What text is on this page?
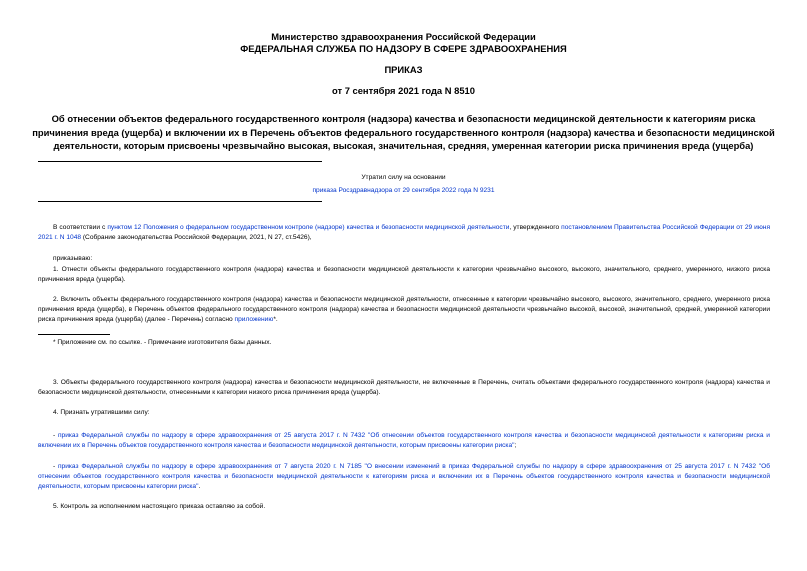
Министерство здравоохранения Российской Федерации
ФЕДЕРАЛЬНАЯ СЛУЖБА ПО НАДЗОРУ В СФЕРЕ ЗДРАВООХРАНЕНИЯ
ПРИКАЗ
от 7 сентября 2021 года N 8510
Об отнесении объектов федерального государственного контроля (надзора) качества и безопасности медицинской деятельности к категориям риска причинения вреда (ущерба) и включении их в Перечень объектов федерального государственного контроля (надзора) качества и безопасности медицинской деятельности, которым присвоены чрезвычайно высокая, высокая, значительная, средняя, умеренная категории риска причинения вреда (ущерба)
Утратил силу на основании
приказа Росздравнадзора от 29 сентября 2022 года N 9231
В соответствии с пунктом 12 Положения о федеральном государственном контроле (надзоре) качества и безопасности медицинской деятельности, утвержденного постановлением Правительства Российской Федерации от 29 июня 2021 г. N 1048 (Собрание законодательства Российской Федерации, 2021, N 27, ст.5426),
приказываю:
1. Отнести объекты федерального государственного контроля (надзора) качества и безопасности медицинской деятельности к категории чрезвычайно высокого, высокого, значительного, среднего, умеренного, низкого риска причинения вреда (ущерба).
2. Включить объекты федерального государственного контроля (надзора) качества и безопасности медицинской деятельности, отнесенные к категории чрезвычайно высокого, высокого, значительного, среднего, умеренного риска причинения вреда (ущерба), в Перечень объектов федерального государственного контроля (надзора) качества и безопасности медицинской деятельности чрезвычайно высокой, высокой, значительной, средней, умеренной категории риска причинения вреда (ущерба) (далее - Перечень) согласно приложению*.
* Приложение см. по ссылке. - Примечание изготовителя базы данных.
3. Объекты федерального государственного контроля (надзора) качества и безопасности медицинской деятельности, не включенные в Перечень, считать объектами федерального государственного контроля (надзора) качества и безопасности медицинской деятельности, отнесенными к категории низкого риска причинения вреда (ущерба).
4. Признать утратившими силу:
- приказ Федеральной службы по надзору в сфере здравоохранения от 25 августа 2017 г. N 7432 "Об отнесении объектов государственного контроля качества и безопасности медицинской деятельности к категориям риска и включении их в Перечень объектов государственного контроля качества и безопасности медицинской деятельности, которым присвоены категории риска";
- приказ Федеральной службы по надзору в сфере здравоохранения от 7 августа 2020 г. N 7185 "О внесении изменений в приказ Федеральной службы по надзору в сфере здравоохранения от 25 августа 2017 г. N 7432 "Об отнесении объектов государственного контроля качества и безопасности медицинской деятельности к категориям риска и включении их в Перечень объектов государственного контроля качества и безопасности медицинской деятельности, которым присвоены категории риска".
5. Контроль за исполнением настоящего приказа оставляю за собой.
